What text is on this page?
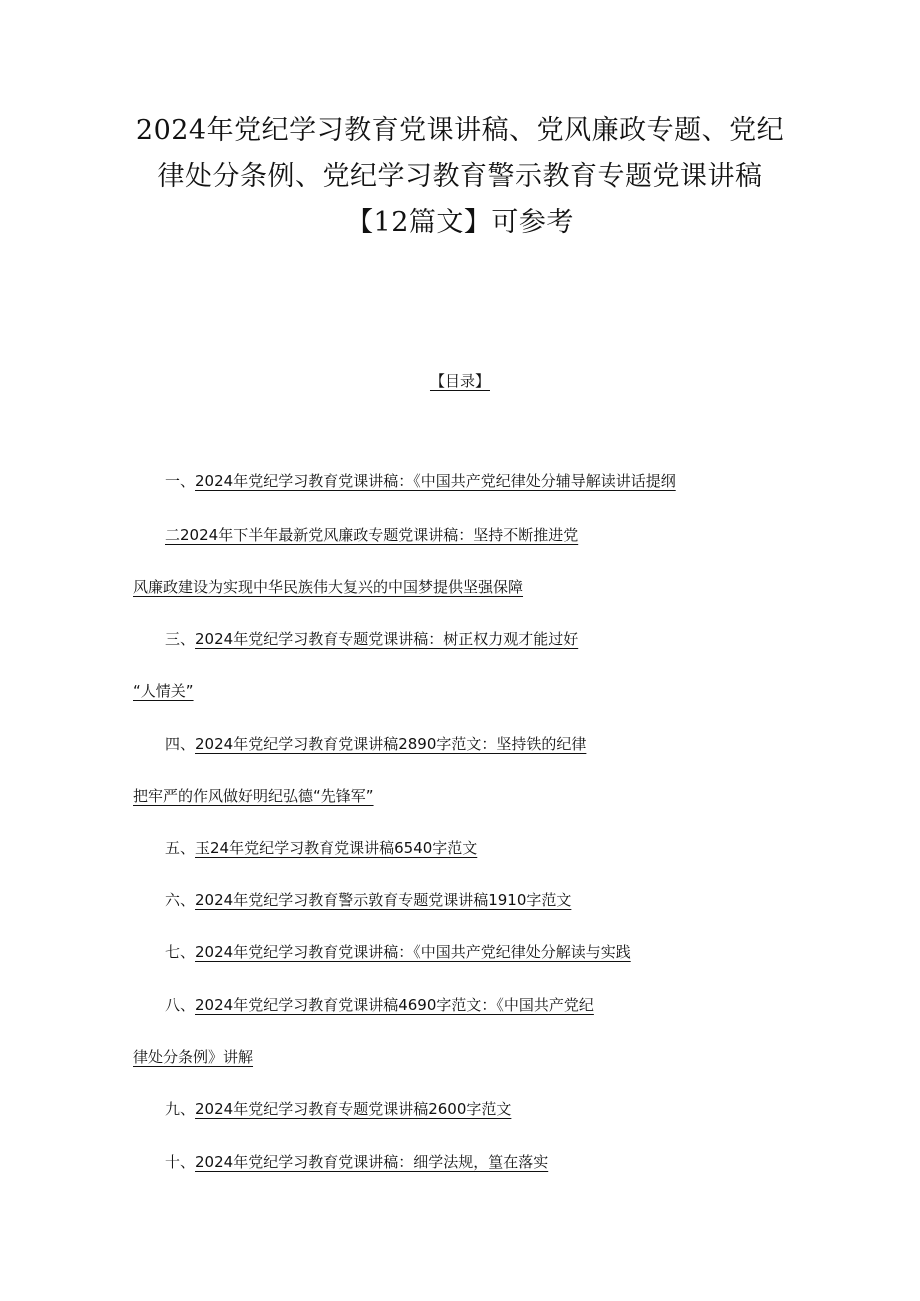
2024年党纪学习教育党课讲稿、党风廉政专题、党纪
律处分条例、党纪学习教育警示教育专题党课讲稿
【12篇文】可参考
【目录】
一、2024年党纪学习教育党课讲稿：《中国共产党纪律处分辅导解读讲话提纲
二2024年下半年最新党风廉政专题党课讲稿：坚持不断推进党
风廉政建设为实现中华民族伟大复兴的中国梦提供坚强保障
三、2024年党纪学习教育专题党课讲稿：树正权力观才能过好
“人情关”
四、2024年党纪学习教育党课讲稿2890字范文：坚持铁的纪律
把牢严的作风做好明纪弘德“先锋军”
五、玉24年党纪学习教育党课讲稿6540字范文
六、2024年党纪学习教育警示敦育专题党课讲稿1910字范文
七、2024年党纪学习教育党课讲稿：《中国共产党纪律处分解读与实践
八、2024年党纪学习教育党课讲稿4690字范文：《中国共产党纪
律处分条例》讲解
九、2024年党纪学习教育专题党课讲稿2600字范文
十、2024年党纪学习教育党课讲稿：细学法规，篁在落实
